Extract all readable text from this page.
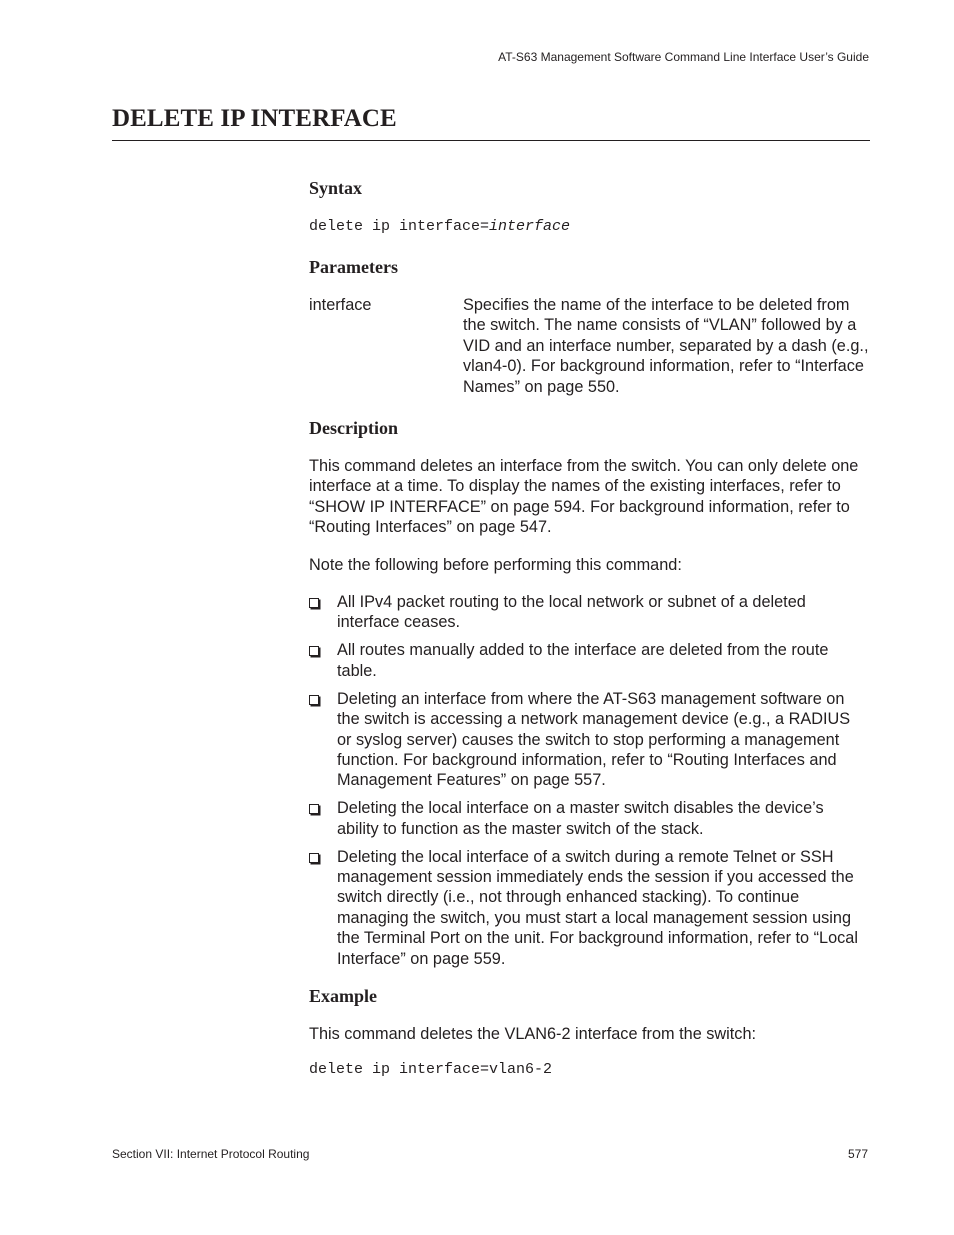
AT-S63 Management Software Command Line Interface User’s Guide
DELETE IP INTERFACE
Syntax
delete ip interface=interface
Parameters
interface	Specifies the name of the interface to be deleted from the switch. The name consists of “VLAN” followed by a VID and an interface number, separated by a dash (e.g., vlan4-0). For background information, refer to “Interface Names” on page 550.
Description

This command deletes an interface from the switch. You can only delete one interface at a time. To display the names of the existing interfaces, refer to “SHOW IP INTERFACE” on page 594. For background information, refer to “Routing Interfaces” on page 547.

Note the following before performing this command:

All IPv4 packet routing to the local network or subnet of a deleted interface ceases.
All routes manually added to the interface are deleted from the route table.
Deleting an interface from where the AT-S63 management software on the switch is accessing a network management device (e.g., a RADIUS or syslog server) causes the switch to stop performing a management function. For background information, refer to “Routing Interfaces and Management Features” on page 557.
Deleting the local interface on a master switch disables the device’s ability to function as the master switch of the stack.
Deleting the local interface of a switch during a remote Telnet or SSH management session immediately ends the session if you accessed the switch directly (i.e., not through enhanced stacking). To continue managing the switch, you must start a local management session using the Terminal Port on the unit. For background information, refer to “Local Interface” on page 559.
Example

This command deletes the VLAN6-2 interface from the switch:

delete ip interface=vlan6-2
Section VII: Internet Protocol Routing	577
